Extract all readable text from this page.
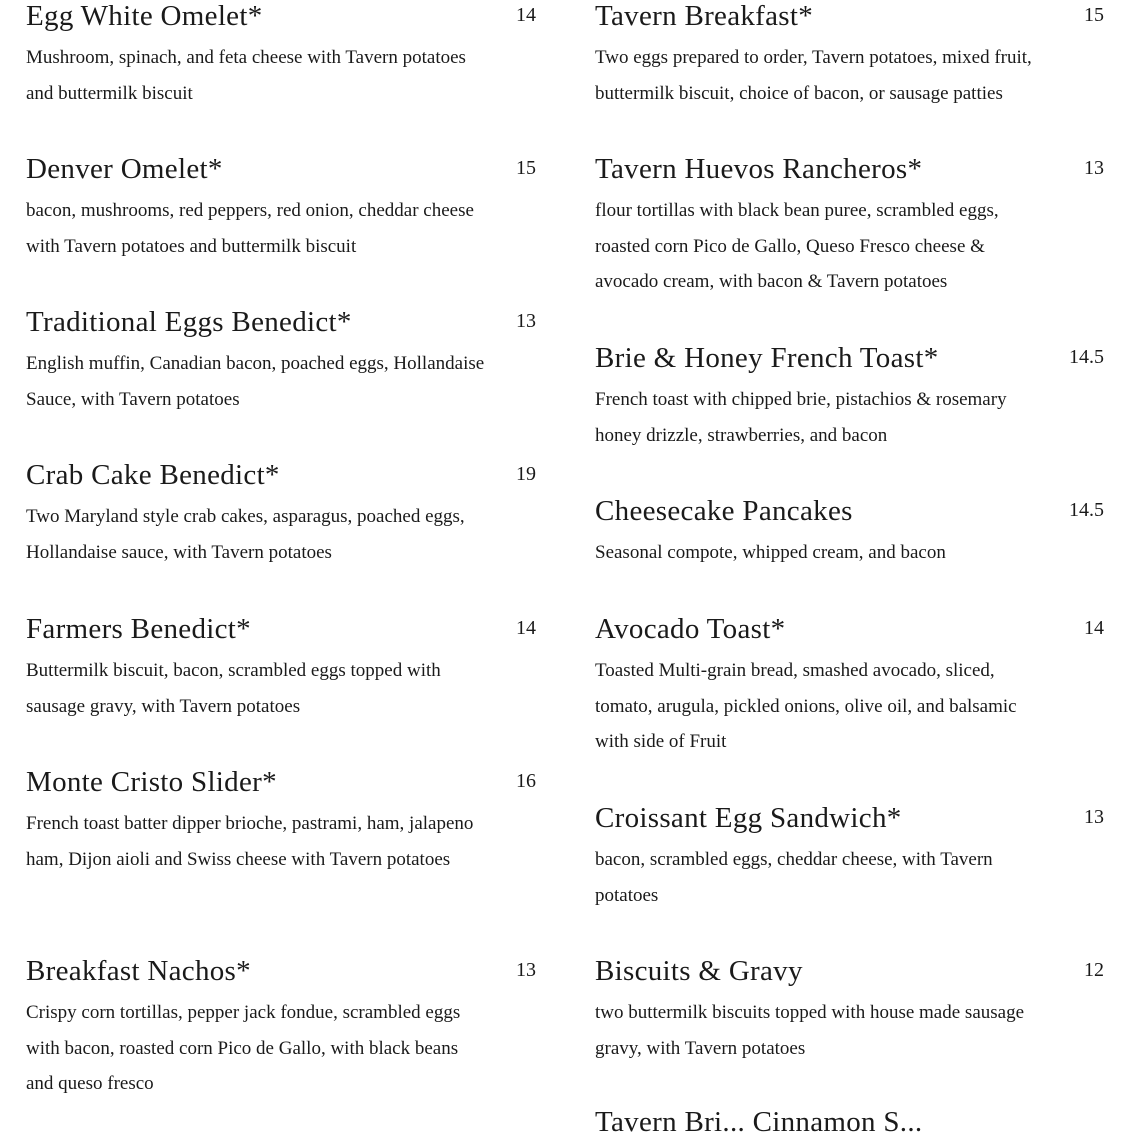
Egg White Omelet*	14
Mushroom, spinach, and feta cheese with Tavern potatoes and buttermilk biscuit
Denver Omelet*	15
bacon, mushrooms, red peppers, red onion, cheddar cheese with Tavern potatoes and buttermilk biscuit
Traditional Eggs Benedict*	13
English muffin, Canadian bacon, poached eggs, Hollandaise Sauce, with Tavern potatoes
Crab Cake Benedict*	19
Two Maryland style crab cakes, asparagus, poached eggs, Hollandaise sauce, with Tavern potatoes
Farmers Benedict*	14
Buttermilk biscuit, bacon, scrambled eggs topped with sausage gravy, with Tavern potatoes
Monte Cristo Slider*	16
French toast batter dipper brioche, pastrami, ham, jalapeno ham, Dijon aioli and Swiss cheese with Tavern potatoes
Breakfast Nachos*	13
Crispy corn tortillas, pepper jack fondue, scrambled eggs with bacon, roasted corn Pico de Gallo, with black beans and queso fresco
Tavern Breakfast*	15
Two eggs prepared to order, Tavern potatoes, mixed fruit, buttermilk biscuit, choice of bacon, or sausage patties
Tavern Huevos Rancheros*	13
flour tortillas with black bean puree, scrambled eggs, roasted corn Pico de Gallo, Queso Fresco cheese & avocado cream, with bacon & Tavern potatoes
Brie & Honey French Toast*	14.5
French toast with chipped brie, pistachios & rosemary honey drizzle, strawberries, and bacon
Cheesecake Pancakes	14.5
Seasonal compote, whipped cream, and bacon
Avocado Toast*	14
Toasted Multi-grain bread, smashed avocado, sliced, tomato, arugula, pickled onions, olive oil, and balsamic with side of Fruit
Croissant Egg Sandwich*	13
bacon, scrambled eggs, cheddar cheese, with Tavern potatoes
Biscuits & Gravy	12
two buttermilk biscuits topped with house made sausage gravy, with Tavern potatoes
Tavern Bri... Cinnamon S...
